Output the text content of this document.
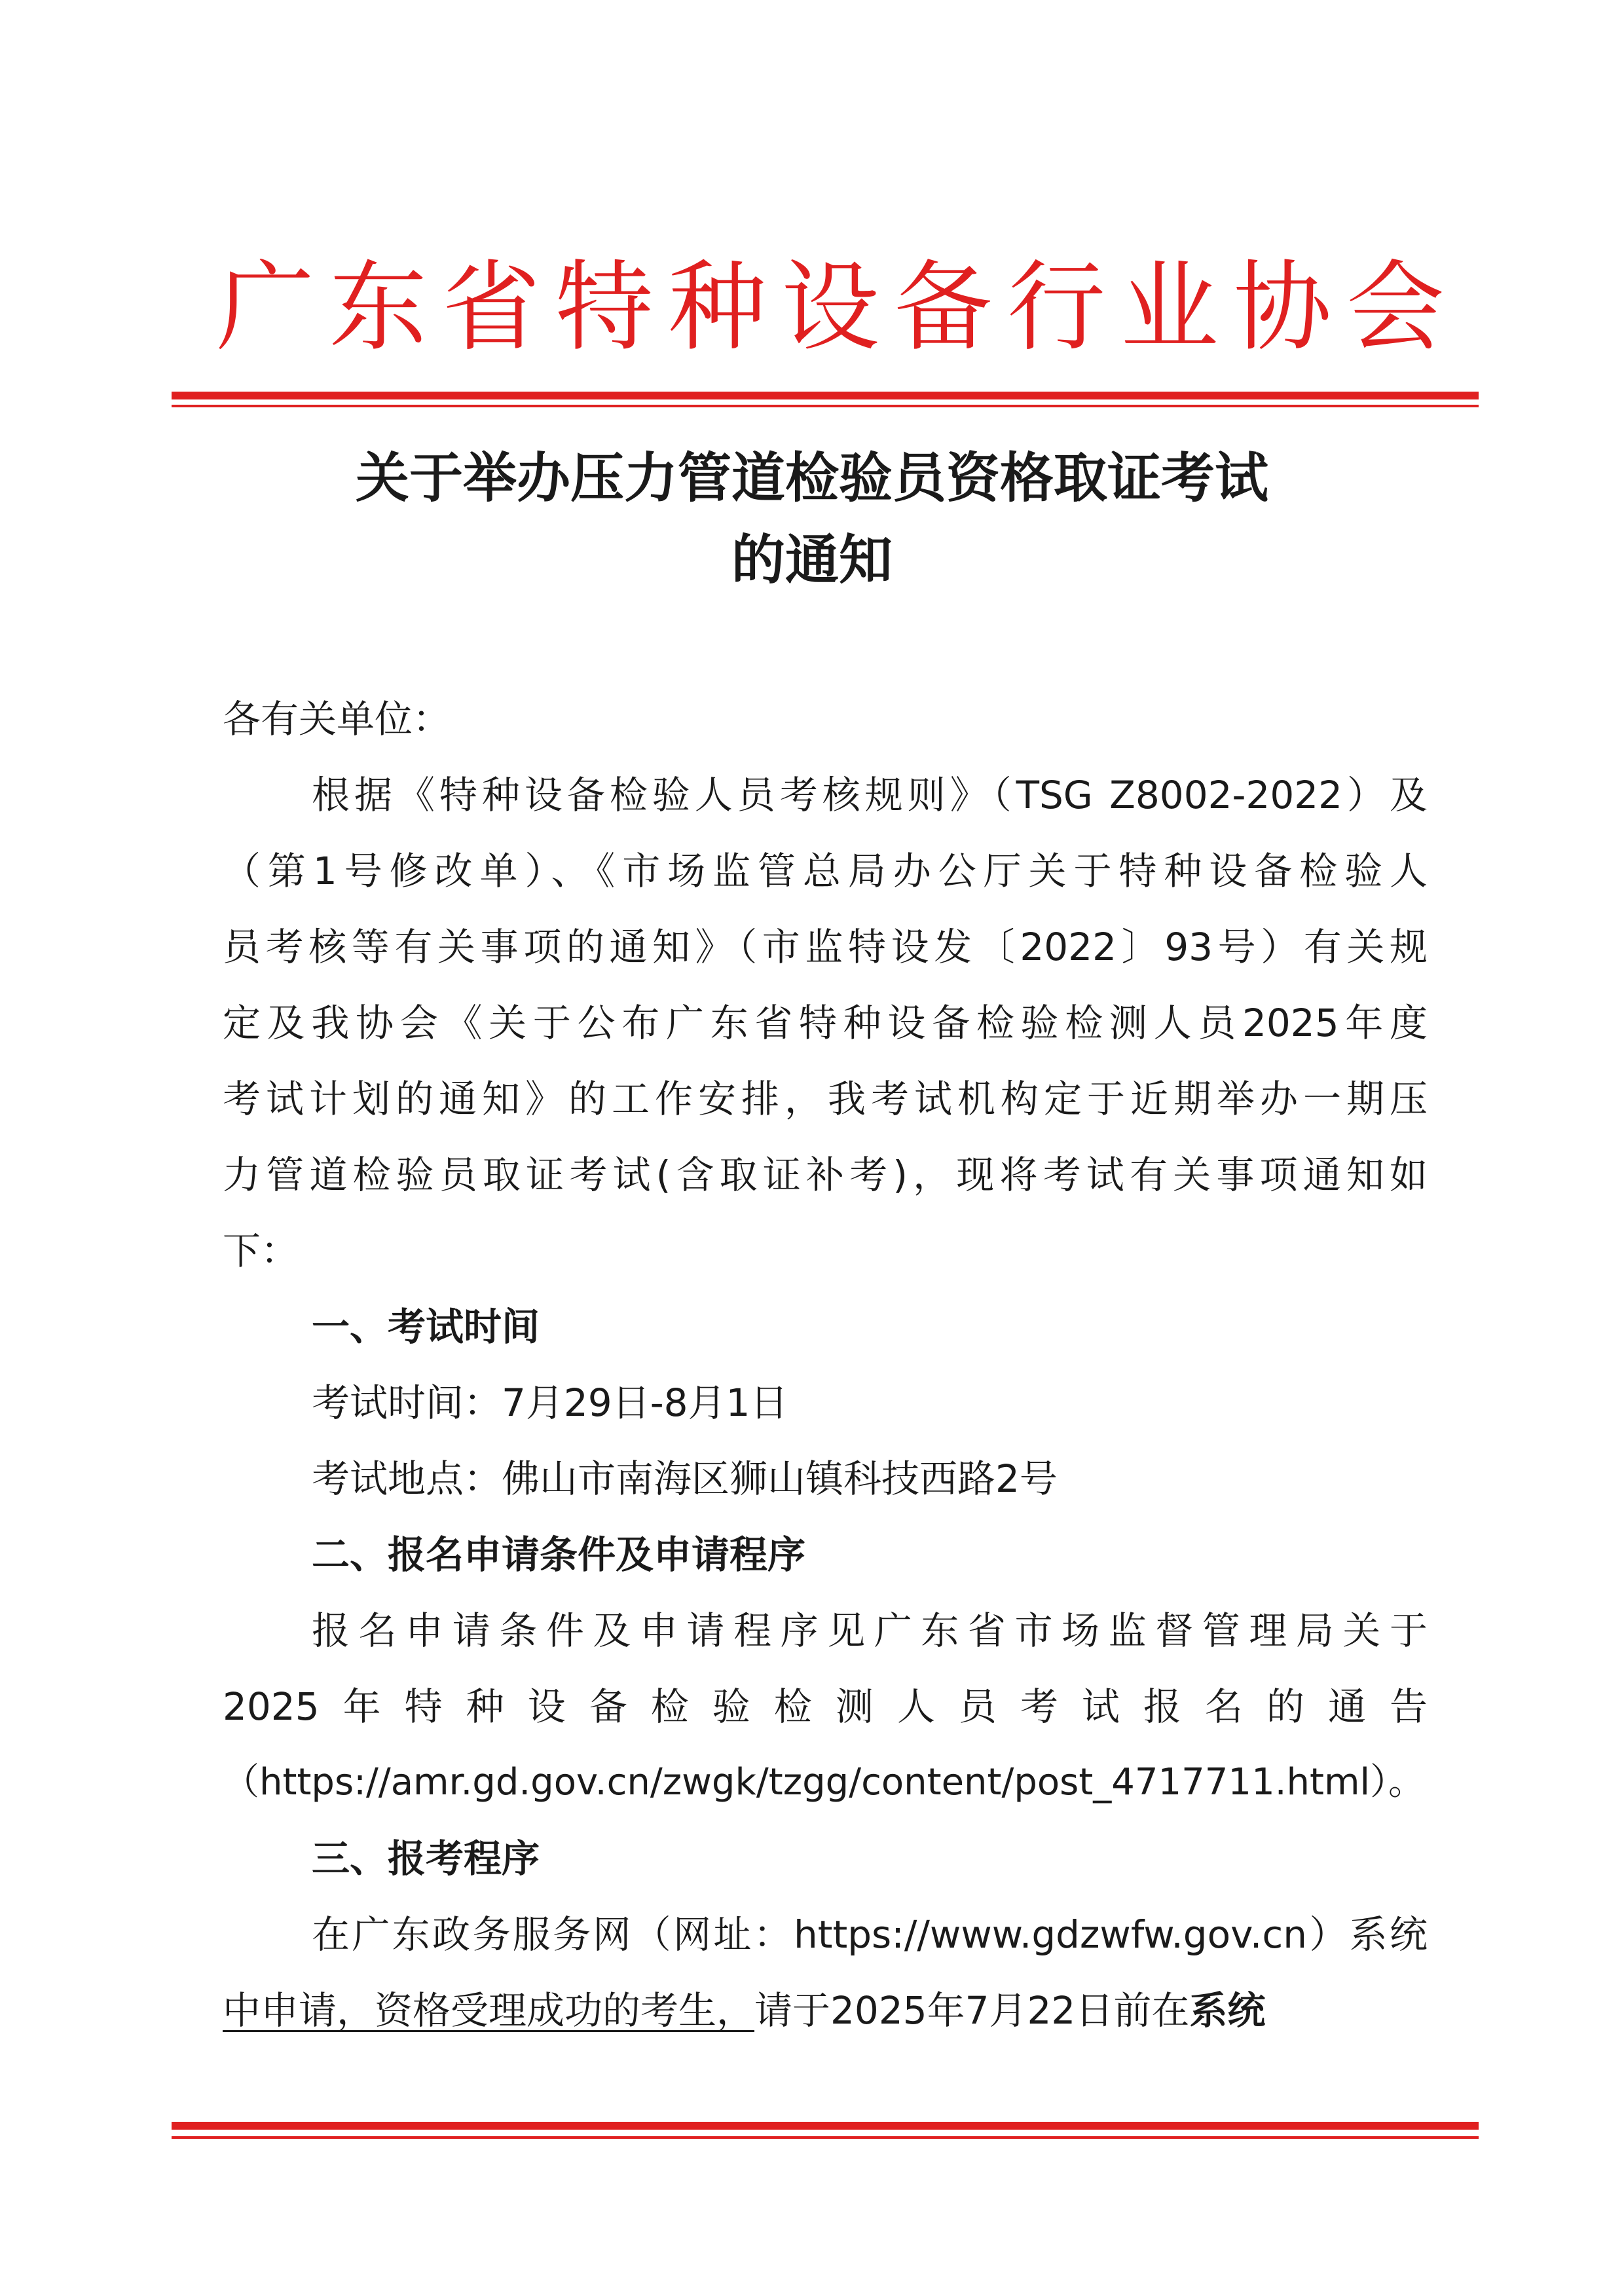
广东省特种设备行业协会
关于举办压力管道检验员资格取证考试
的通知
各有关单位：
根据《特种设备检验人员考核规则》（TSG Z8002-2022）及
（第1号修改单）、《市场监管总局办公厅关于特种设备检验人
员考核等有关事项的通知》（市监特设发〔2022〕93号）有关规
定及我协会《关于公布广东省特种设备检验检测人员2025年度
考试计划的通知》的工作安排，我考试机构定于近期举办一期压
力管道检验员取证考试(含取证补考)，现将考试有关事项通知如
下：
一、考试时间
考试时间：7月29日-8月1日
考试地点：佛山市南海区狮山镇科技西路2号
二、报名申请条件及申请程序
报名申请条件及申请程序见广东省市场监督管理局关于
2025年特种设备检验检测人员考试报名的通告
（https://amr.gd.gov.cn/zwgk/tzgg/content/post_4717711.html）。
三、报考程序
在广东政务服务网（网址：https://www.gdzwfw.gov.cn）系统
中申请，资格受理成功的考生，请于2025年7月22日前在系统
